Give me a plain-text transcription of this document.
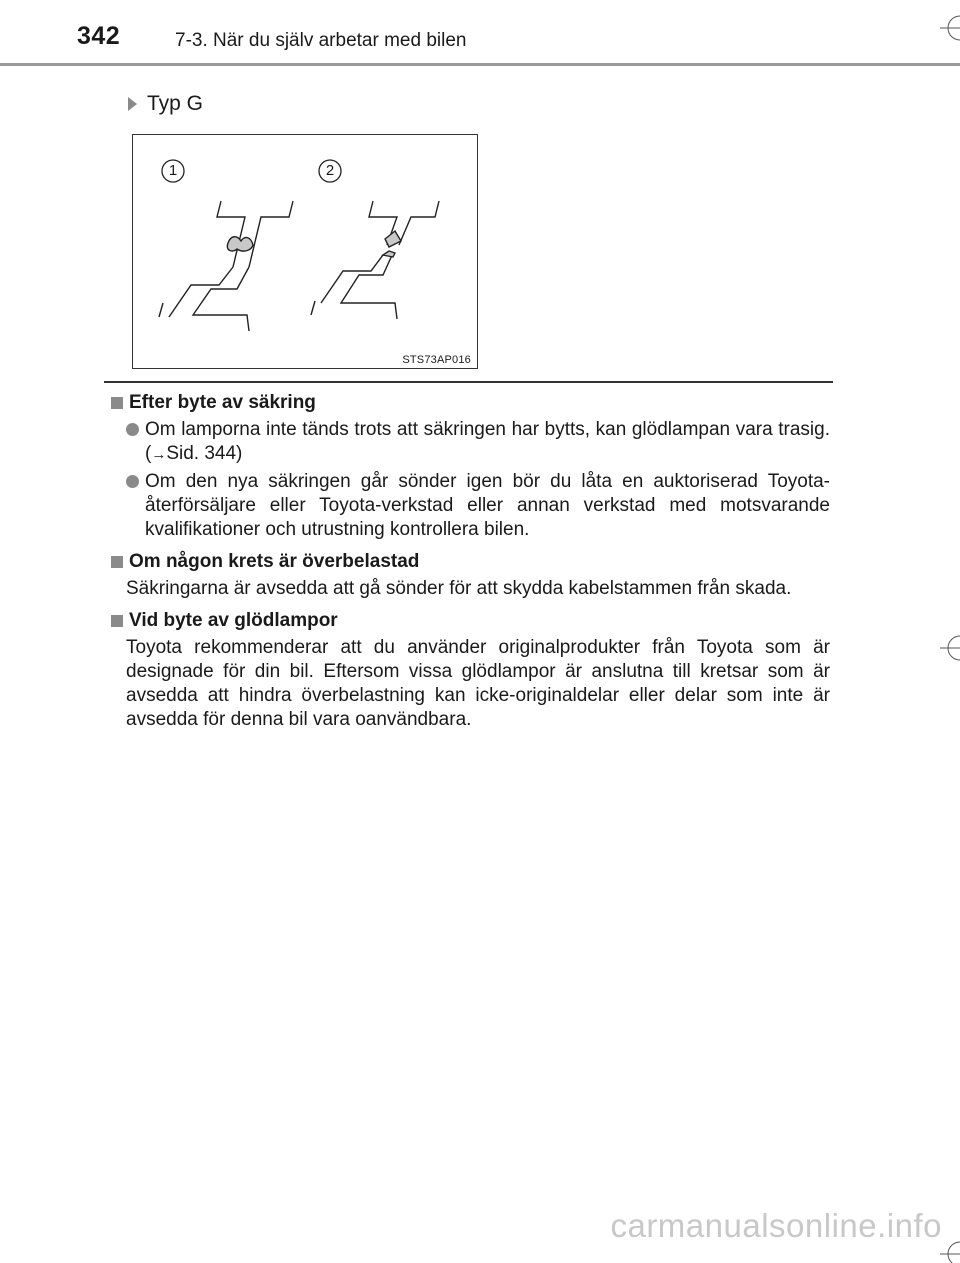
342	7-3. När du själv arbetar med bilen
Typ G
1	2
STS73AP016
Efter byte av säkring
Om lamporna inte tänds trots att säkringen har bytts, kan glödlampan vara trasig. (→Sid. 344)
Om den nya säkringen går sönder igen bör du låta en auktoriserad Toyota-återförsäljare eller Toyota-verkstad eller annan verkstad med motsvarande kvalifikationer och utrustning kontrollera bilen.
Om någon krets är överbelastad
Säkringarna är avsedda att gå sönder för att skydda kabelstammen från skada.
Vid byte av glödlampor
Toyota rekommenderar att du använder originalprodukter från Toyota som är designade för din bil. Eftersom vissa glödlampor är anslutna till kretsar som är avsedda att hindra överbelastning kan icke-originaldelar eller delar som inte är avsedda för denna bil vara oanvändbara.
carmanualsonline.info
